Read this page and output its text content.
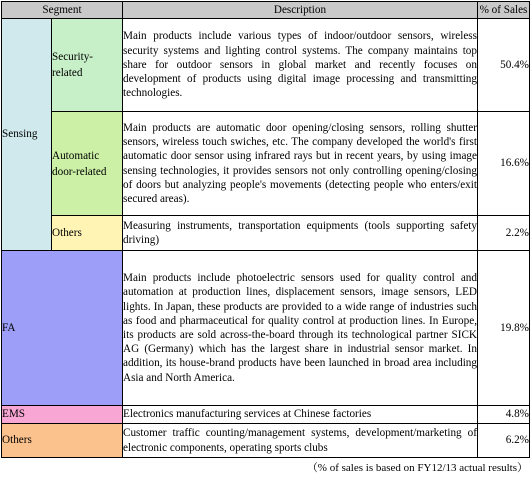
Segment		Description	% of Sales
Sensing	Security-related	Main products include various types of indoor/outdoor sensors, wireless security systems and lighting control systems. The company maintains top share for outdoor sensors in global market and recently focuses on development of products using digital image processing and transmitting technologies.	50.4%
	Automatic door-related	Main products are automatic door opening/closing sensors, rolling shutter sensors, wireless touch swiches, etc. The company developed the world's first automatic door sensor using infrared rays but in recent years, by using image sensing technologies, it provides sensors not only controlling opening/closing of doors but analyzing people's movements (detecting people who enters/exit secured areas).	16.6%
	Others	Measuring instruments, transportation equipments (tools supporting safety driving)	2.2%
FA		Main products include photoelectric sensors used for quality control and automation at production lines, displacement sensors, image sensors, LED lights. In Japan, these products are provided to a wide range of industries such as food and pharmaceutical for quality control at production lines. In Europe, its products are sold across-the-board through its technological partner SICK AG (Germany) which has the largest share in industrial sensor market. In addition, its house-brand products have been launched in broad area including Asia and North America.	19.8%
EMS		Electronics manufacturing services at Chinese factories	4.8%
Others		Customer traffic counting/management systems, development/marketing of electronic components, operating sports clubs	6.2%
（% of sales is based on FY12/13 actual results）
